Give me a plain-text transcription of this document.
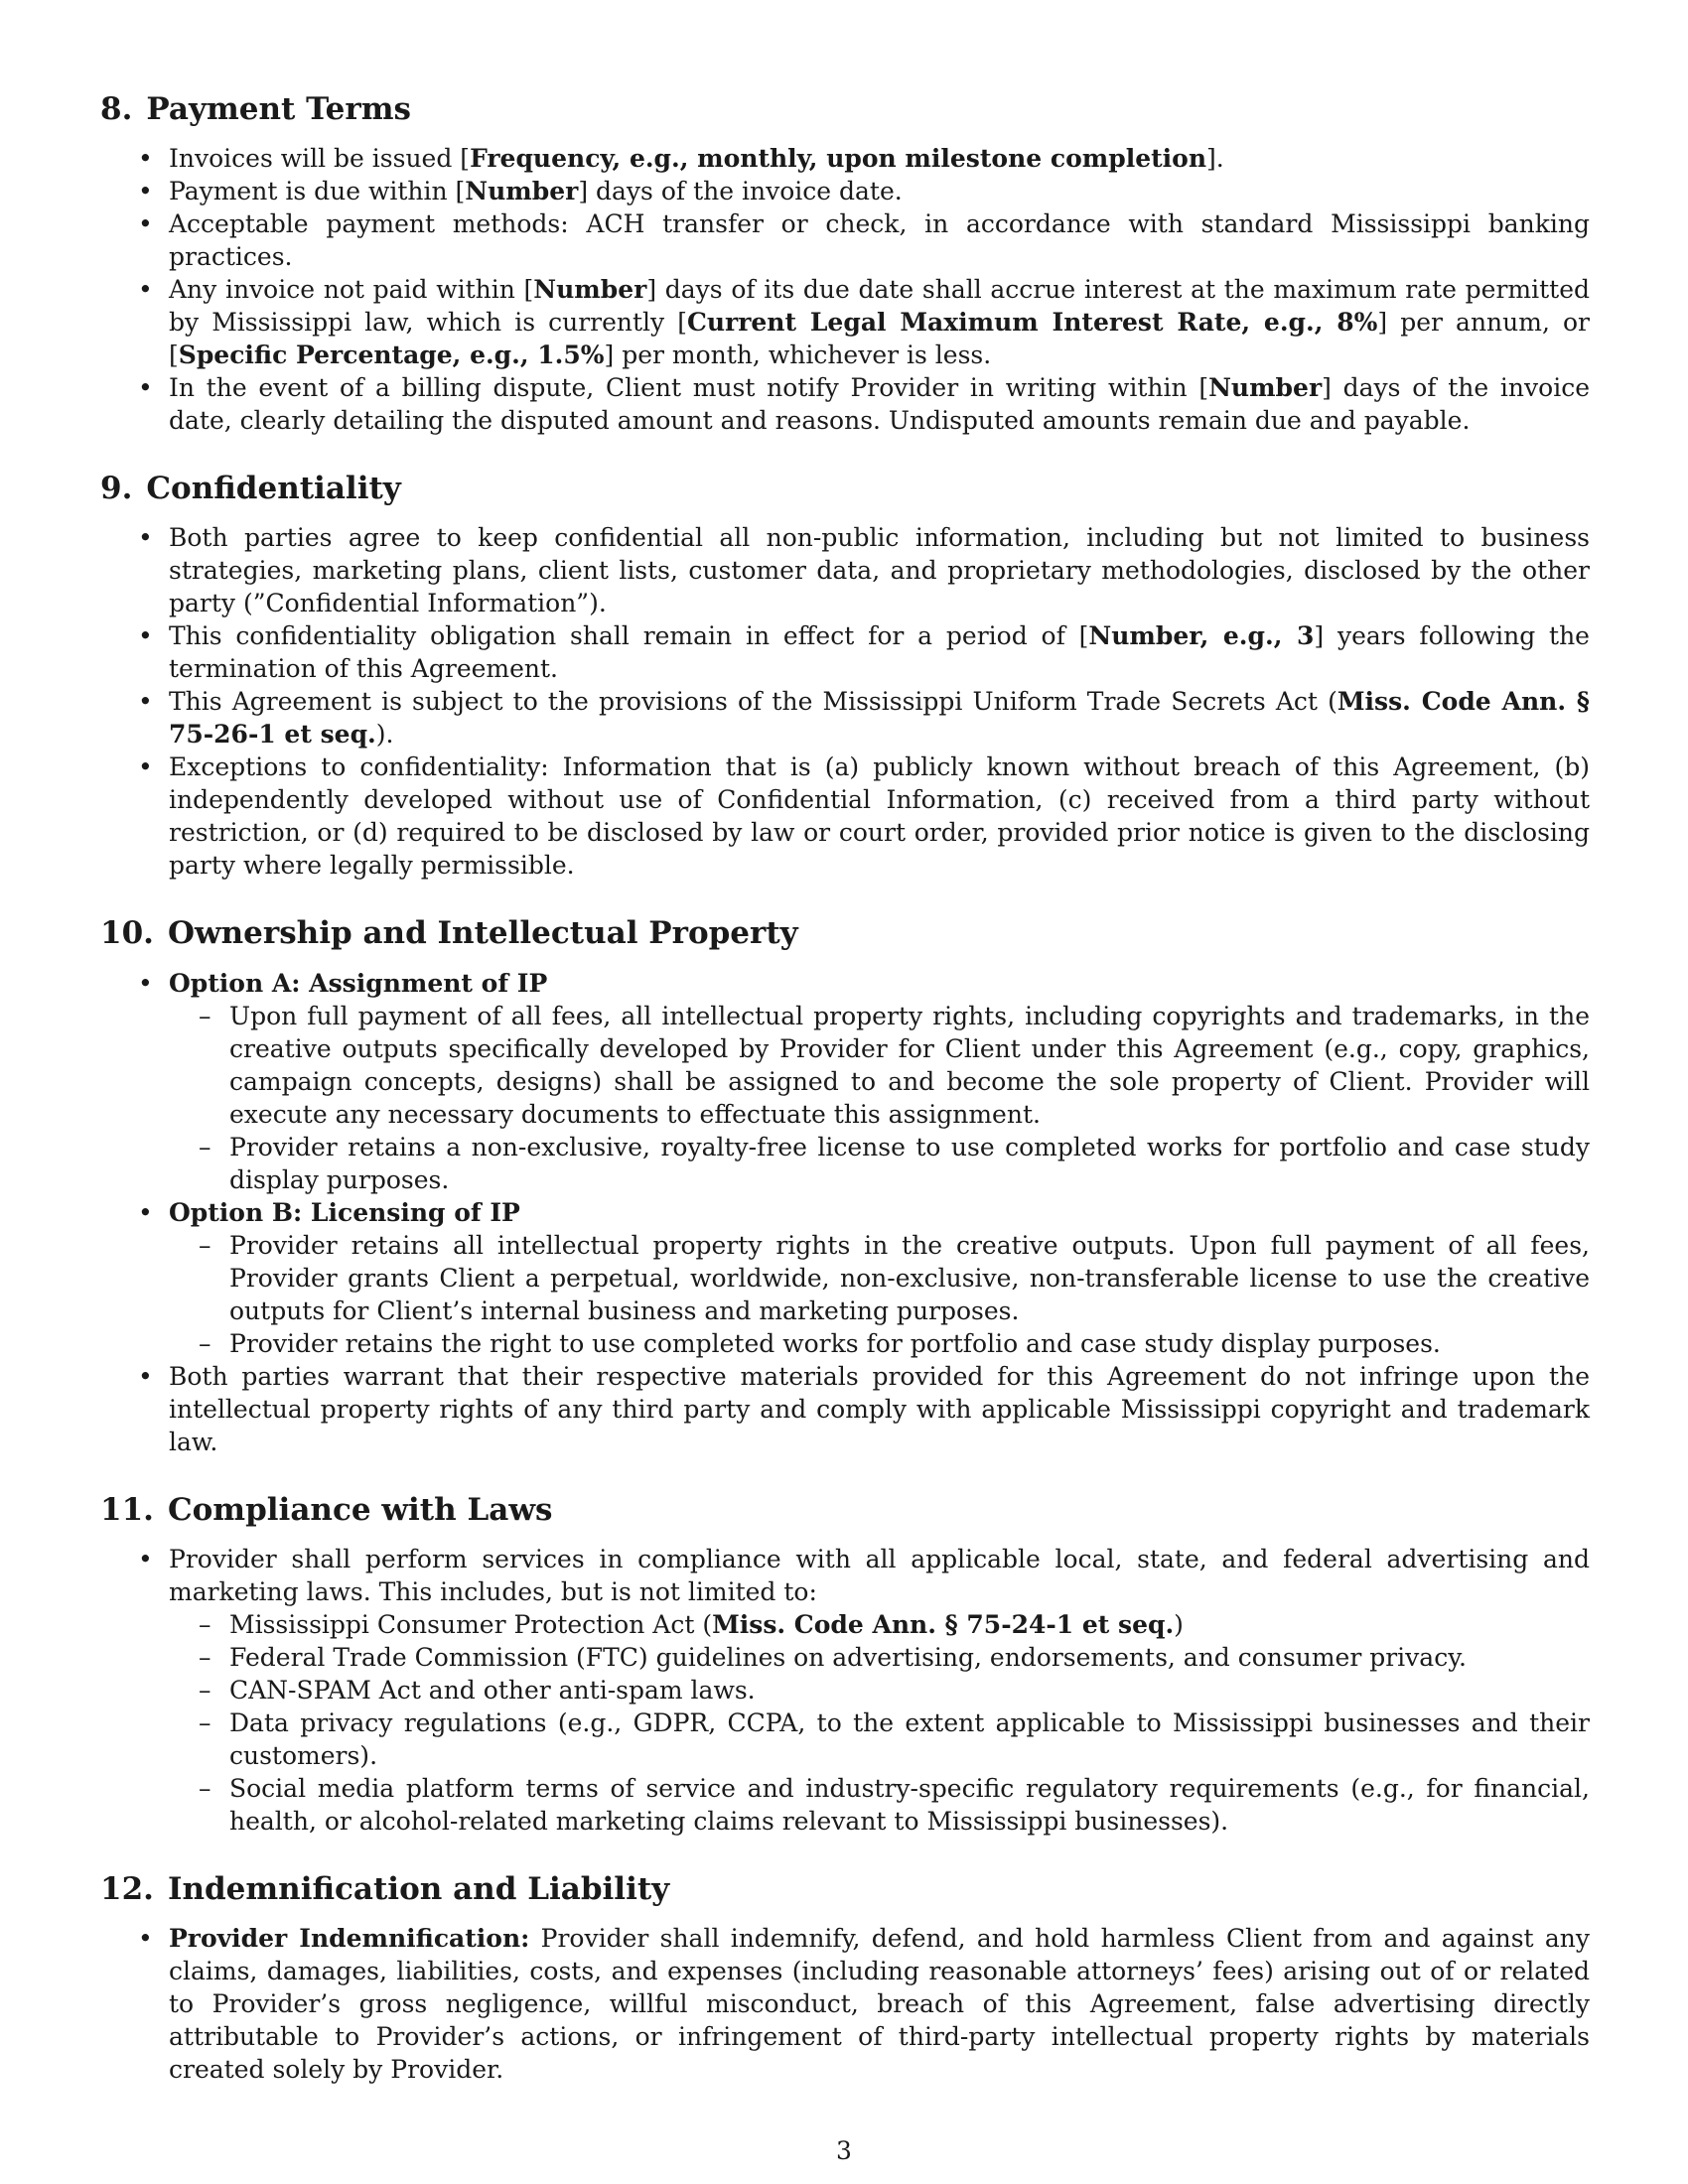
8. Payment Terms
• Invoices will be issued [Frequency, e.g., monthly, upon milestone completion].
• Payment is due within [Number] days of the invoice date.
• Acceptable payment methods: ACH transfer or check, in accordance with standard Mississippi banking practices.
• Any invoice not paid within [Number] days of its due date shall accrue interest at the maximum rate permitted by Mississippi law, which is currently [Current Legal Maximum Interest Rate, e.g., 8%] per annum, or [Specific Percentage, e.g., 1.5%] per month, whichever is less.
• In the event of a billing dispute, Client must notify Provider in writing within [Number] days of the invoice date, clearly detailing the disputed amount and reasons. Undisputed amounts remain due and payable.
9. Confidentiality
• Both parties agree to keep confidential all non-public information, including but not limited to business strategies, marketing plans, client lists, customer data, and proprietary methodologies, disclosed by the other party (”Confidential Information”).
• This confidentiality obligation shall remain in effect for a period of [Number, e.g., 3] years following the termination of this Agreement.
• This Agreement is subject to the provisions of the Mississippi Uniform Trade Secrets Act (Miss. Code Ann. § 75-26-1 et seq.).
• Exceptions to confidentiality: Information that is (a) publicly known without breach of this Agreement, (b) independently developed without use of Confidential Information, (c) received from a third party without restriction, or (d) required to be disclosed by law or court order, provided prior notice is given to the disclosing party where legally permissible.
10. Ownership and Intellectual Property
• Option A: Assignment of IP
– Upon full payment of all fees, all intellectual property rights, including copyrights and trademarks, in the creative outputs specifically developed by Provider for Client under this Agreement (e.g., copy, graphics, campaign concepts, designs) shall be assigned to and become the sole property of Client. Provider will execute any necessary documents to effectuate this assignment.
– Provider retains a non-exclusive, royalty-free license to use completed works for portfolio and case study display purposes.
• Option B: Licensing of IP
– Provider retains all intellectual property rights in the creative outputs. Upon full payment of all fees, Provider grants Client a perpetual, worldwide, non-exclusive, non-transferable license to use the creative outputs for Client’s internal business and marketing purposes.
– Provider retains the right to use completed works for portfolio and case study display purposes.
• Both parties warrant that their respective materials provided for this Agreement do not infringe upon the intellectual property rights of any third party and comply with applicable Mississippi copyright and trademark law.
11. Compliance with Laws
• Provider shall perform services in compliance with all applicable local, state, and federal advertising and marketing laws. This includes, but is not limited to:
– Mississippi Consumer Protection Act (Miss. Code Ann. § 75-24-1 et seq.)
– Federal Trade Commission (FTC) guidelines on advertising, endorsements, and consumer privacy.
– CAN-SPAM Act and other anti-spam laws.
– Data privacy regulations (e.g., GDPR, CCPA, to the extent applicable to Mississippi businesses and their customers).
– Social media platform terms of service and industry-specific regulatory requirements (e.g., for financial, health, or alcohol-related marketing claims relevant to Mississippi businesses).
12. Indemnification and Liability
• Provider Indemnification: Provider shall indemnify, defend, and hold harmless Client from and against any claims, damages, liabilities, costs, and expenses (including reasonable attorneys’ fees) arising out of or related to Provider’s gross negligence, willful misconduct, breach of this Agreement, false advertising directly attributable to Provider’s actions, or infringement of third-party intellectual property rights by materials created solely by Provider.
3
